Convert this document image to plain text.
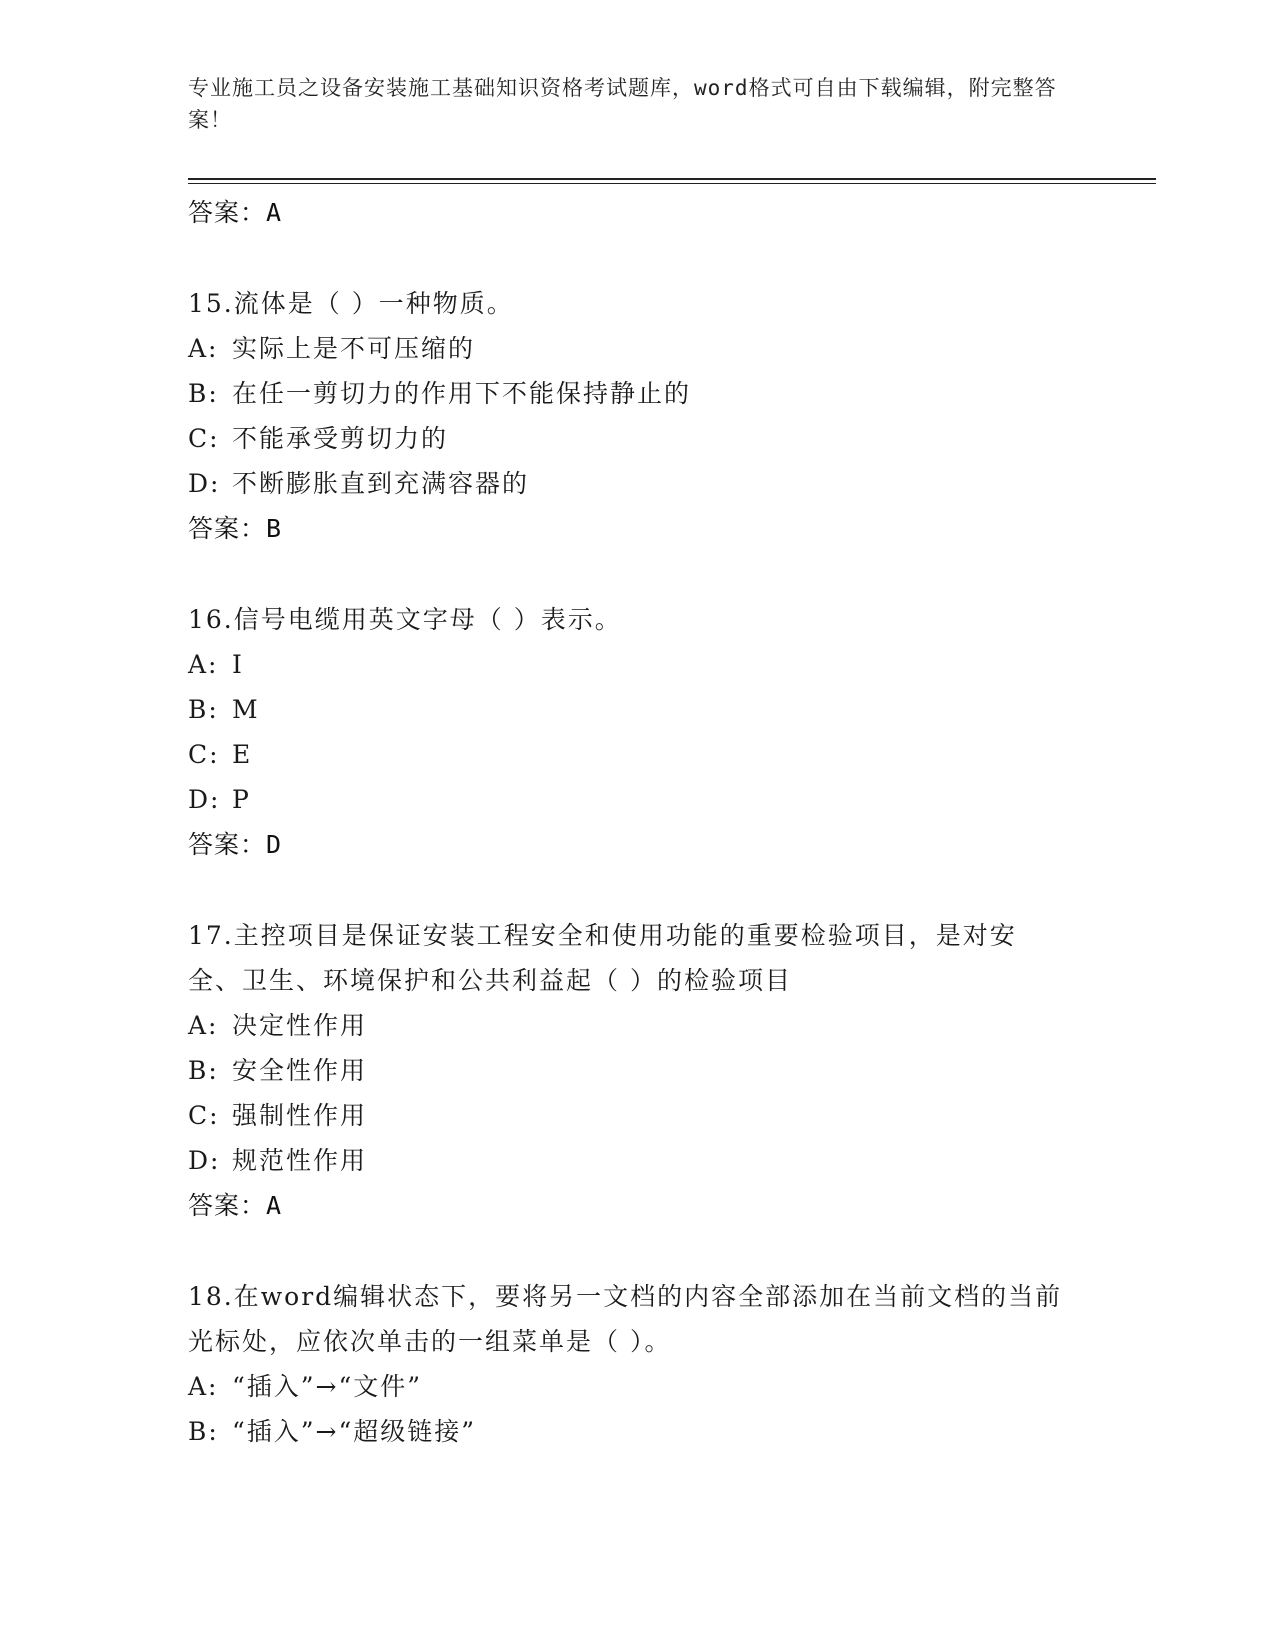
专业施工员之设备安装施工基础知识资格考试题库，word格式可自由下载编辑，附完整答案！
答案：A
15.流体是（ ）一种物质。
A: 实际上是不可压缩的
B: 在任一剪切力的作用下不能保持静止的
C: 不能承受剪切力的
D: 不断膨胀直到充满容器的
答案：B
16.信号电缆用英文字母（ ）表示。
A: I
B: M
C: E
D: P
答案：D
17.主控项目是保证安装工程安全和使用功能的重要检验项目，是对安全、卫生、环境保护和公共利益起（ ）的检验项目
A: 决定性作用
B: 安全性作用
C: 强制性作用
D: 规范性作用
答案：A
18.在word编辑状态下，要将另一文档的内容全部添加在当前文档的当前光标处，应依次单击的一组菜单是（ ）。
A: “插入”→“文件”
B: “插入”→“超级链接”
